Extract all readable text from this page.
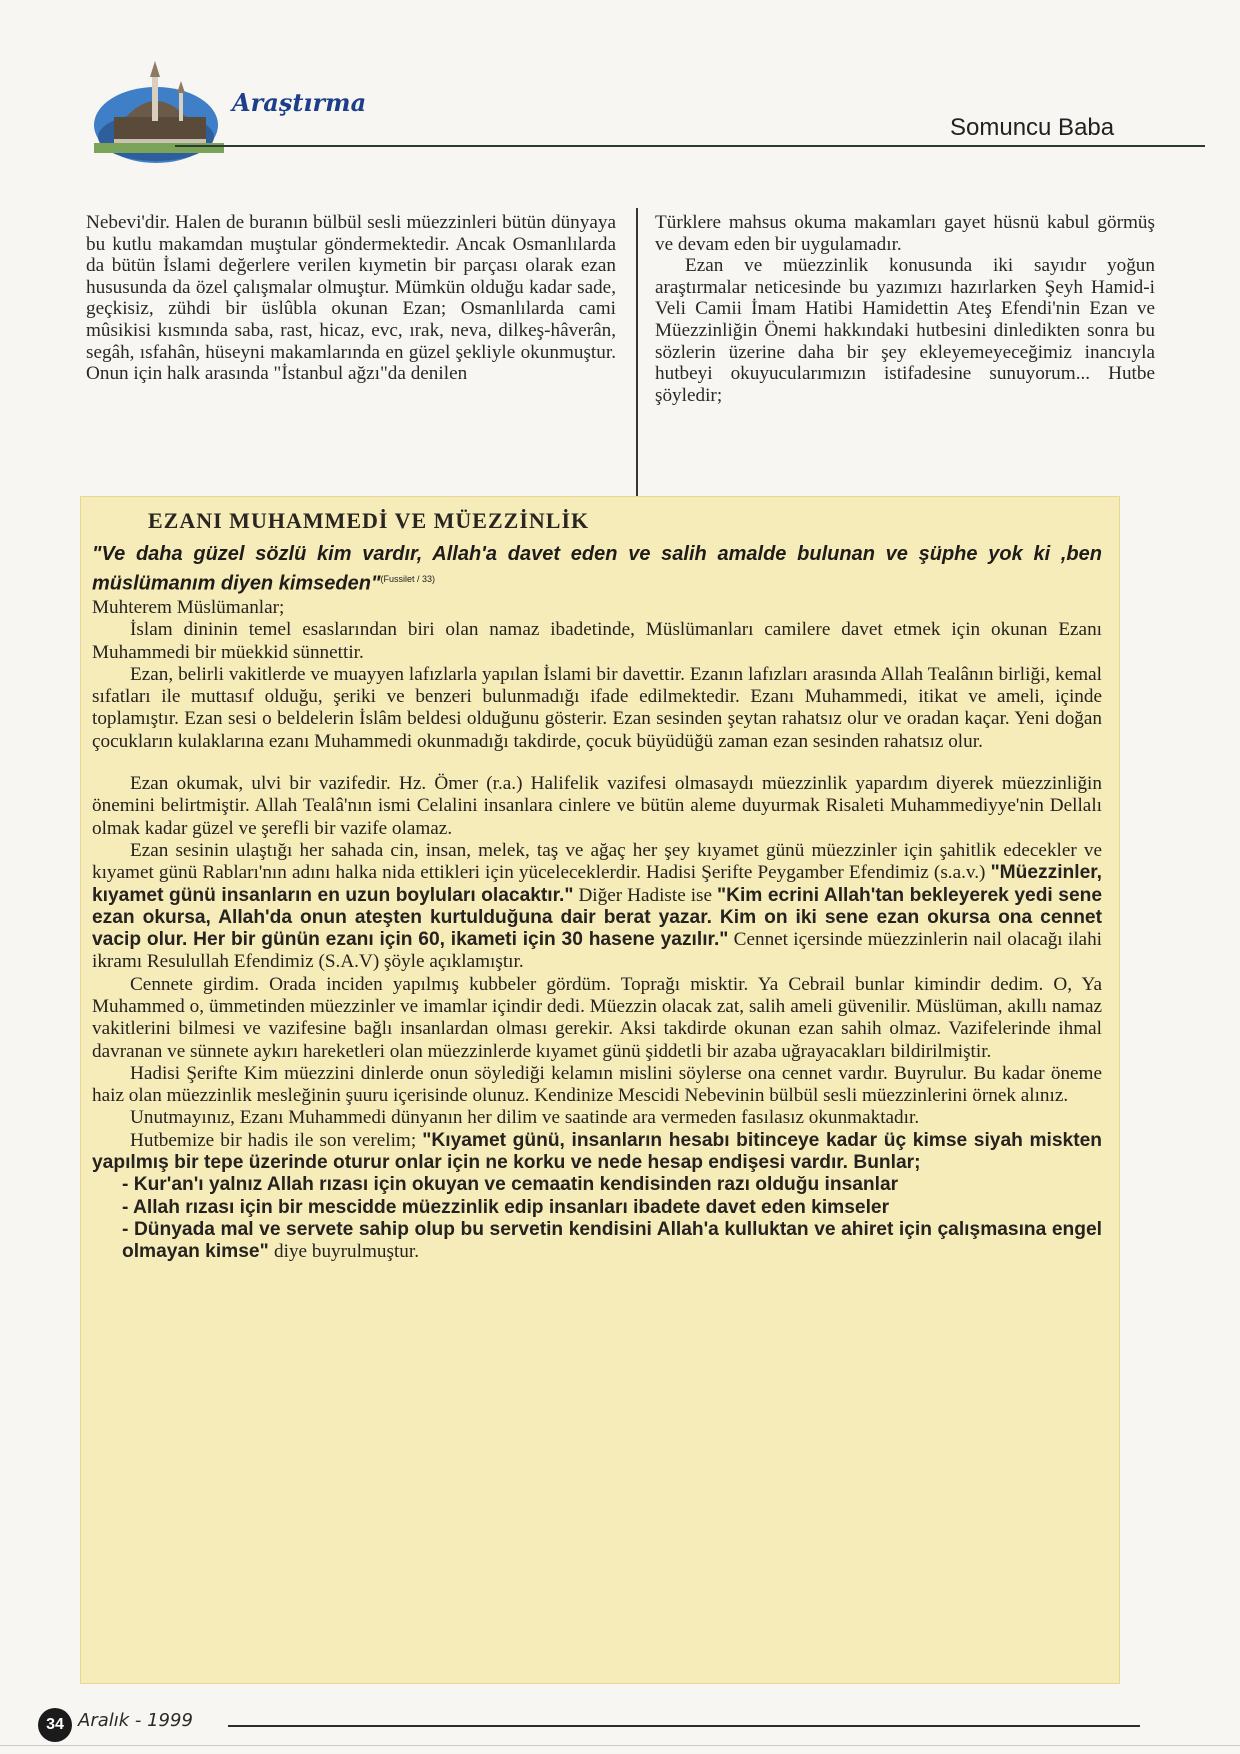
Araştırma
Somuncu Baba

Nebevi'dir. Halen de buranın bülbül sesli müezzinleri bütün dünyaya bu kutlu makamdan muştular göndermektedir. Ancak Osmanlılarda da bütün İslami değerlere verilen kıymetin bir parçası olarak ezan hususunda da özel çalışmalar olmuştur. Mümkün olduğu kadar sade, geçkisiz, zühdi bir üslûbla okunan Ezan; Osmanlılarda cami mûsikisi kısmında saba, rast, hicaz, evc, ırak, neva, dilkeş-hâverân, segâh, ısfahân, hüseyni makamlarında en güzel şekliyle okunmuştur. Onun için halk arasında "İstanbul ağzı"da denilen

Türklere mahsus okuma makamları gayet hüsnü kabul görmüş ve devam eden bir uygulamadır.

Ezan ve müezzinlik konusunda iki sayıdır yoğun araştırmalar neticesinde bu yazımızı hazırlarken Şeyh Hamid-i Veli Camii İmam Hatibi Hamidettin Ateş Efendi'nin Ezan ve Müezzinliğin Önemi hakkındaki hutbesini dinledikten sonra bu sözlerin üzerine daha bir şey ekleyemeyeceğimiz inancıyla hutbeyi okuyucularımızın istifadesine sunuyorum... Hutbe şöyledir;

EZANI MUHAMMEDİ VE MÜEZZİNLİK

"Ve daha güzel sözlü kim vardır, Allah'a davet eden ve salih amalde bulunan ve şüphe yok ki ,ben müslümanım diyen kimseden"$^{(Fussilet / 33)}$

Muhterem Müslümanlar;

İslam dininin temel esaslarından biri olan namaz ibadetinde, Müslümanları camilere davet etmek için okunan Ezanı Muhammedi bir müekkid sünnettir.

Ezan, belirli vakitlerde ve muayyen lafızlarla yapılan İslami bir davettir. Ezanın lafızları arasında Allah Tealânın birliği, kemal sıfatları ile muttasıf olduğu, şeriki ve benzeri bulunmadığı ifade edilmektedir. Ezanı Muhammedi, itikat ve ameli, içinde toplamıştır. Ezan sesi o beldelerin İslâm beldesi olduğunu gösterir. Ezan sesinden şeytan rahatsız olur ve oradan kaçar. Yeni doğan çocukların kulaklarına ezanı Muhammedi okunmadığı takdirde, çocuk büyüdüğü zaman ezan sesinden rahatsız olur.

Ezan okumak, ulvi bir vazifedir. Hz. Ömer (r.a.) Halifelik vazifesi olmasaydı müezzinlik yapardım diyerek müezzinliğin önemini belirtmiştir. Allah Tealâ'nın ismi Celalini insanlara cinlere ve bütün aleme duyurmak Risaleti Muhammediyye'nin Dellalı olmak kadar güzel ve şerefli bir vazife olamaz.

Ezan sesinin ulaştığı her sahada cin, insan, melek, taş ve ağaç her şey kıyamet günü müezzinler için şahitlik edecekler ve kıyamet günü Rabları'nın adını halka nida ettikleri için yüceleceklerdir. Hadisi Şerifte Peygamber Efendimiz (s.a.v.) "Müezzinler, kıyamet günü insanların en uzun boyluları olacaktır." Diğer Hadiste ise "Kim ecrini Allah'tan bekleyerek yedi sene ezan okursa, Allah'da onun ateşten kurtulduğuna dair berat yazar. Kim on iki sene ezan okursa ona cennet vacip olur. Her bir günün ezanı için 60, ikameti için 30 hasene yazılır." Cennet içersinde müezzinlerin nail olacağı ilahi ikramı Resulullah Efendimiz (S.A.V) şöyle açıklamıştır.

Cennete girdim. Orada inciden yapılmış kubbeler gördüm. Toprağı misktir. Ya Cebrail bunlar kimindir dedim. O, Ya Muhammed o, ümmetinden müezzinler ve imamlar içindir dedi. Müezzin olacak zat, salih ameli güvenilir. Müslüman, akıllı namaz vakitlerini bilmesi ve vazifesine bağlı insanlardan olması gerekir. Aksi takdirde okunan ezan sahih olmaz. Vazifelerinde ihmal davranan ve sünnete aykırı hareketleri olan müezzinlerde kıyamet günü şiddetli bir azaba uğrayacakları bildirilmiştir.

Hadisi Şerifte Kim müezzini dinlerde onun söylediği kelamın mislini söylerse ona cennet vardır. Buyrulur. Bu kadar öneme haiz olan müezzinlik mesleğinin şuuru içerisinde olunuz. Kendinize Mescidi Nebevinin bülbül sesli müezzinlerini örnek alınız.

Unutmayınız, Ezanı Muhammedi dünyanın her dilim ve saatinde ara vermeden fasılasız okunmaktadır.

Hutbemize bir hadis ile son verelim; "Kıyamet günü, insanların hesabı bitinceye kadar üç kimse siyah miskten yapılmış bir tepe üzerinde oturur onlar için ne korku ve nede hesap endişesi vardır. Bunlar;

- Kur'an'ı yalnız Allah rızası için okuyan ve cemaatin kendisinden razı olduğu insanlar

- Allah rızası için bir mescidde müezzinlik edip insanları ibadete davet eden kimseler

- Dünyada mal ve servete sahip olup bu servetin kendisini Allah'a kulluktan ve ahiret için çalışmasına engel olmayan kimse" diye buyrulmuştur.

34 Aralık - 1999
